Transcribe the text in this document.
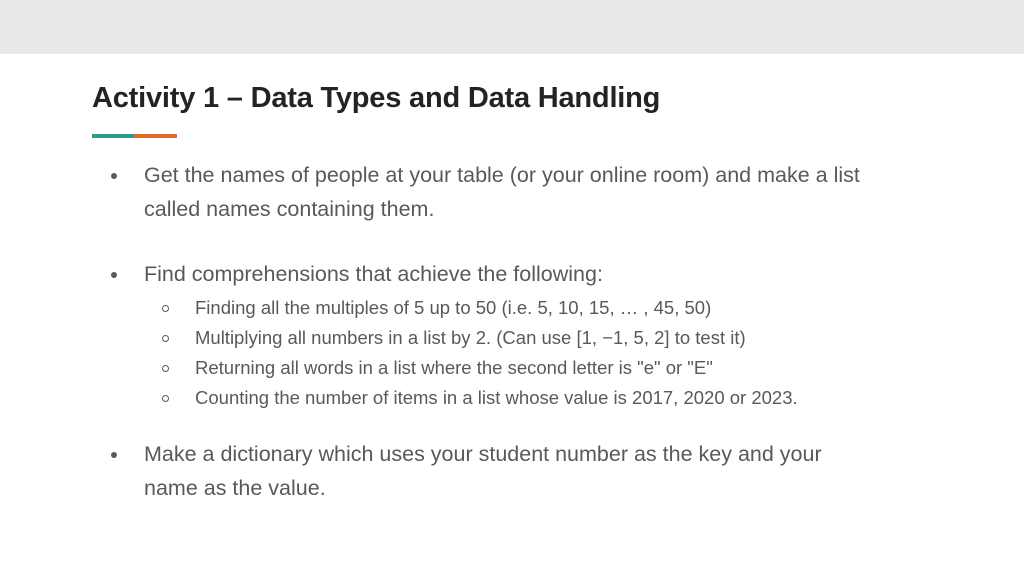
Activity 1 – Data Types and Data Handling
Get the names of people at your table (or your online room) and make a list called names containing them.
Find comprehensions that achieve the following:
Finding all the multiples of 5 up to 50 (i.e. 5, 10, 15, … , 45, 50)
Multiplying all numbers in a list by 2. (Can use [1, −1, 5, 2] to test it)
Returning all words in a list where the second letter is "e" or "E"
Counting the number of items in a list whose value is 2017, 2020 or 2023.
Make a dictionary which uses your student number as the key and your name as the value.
